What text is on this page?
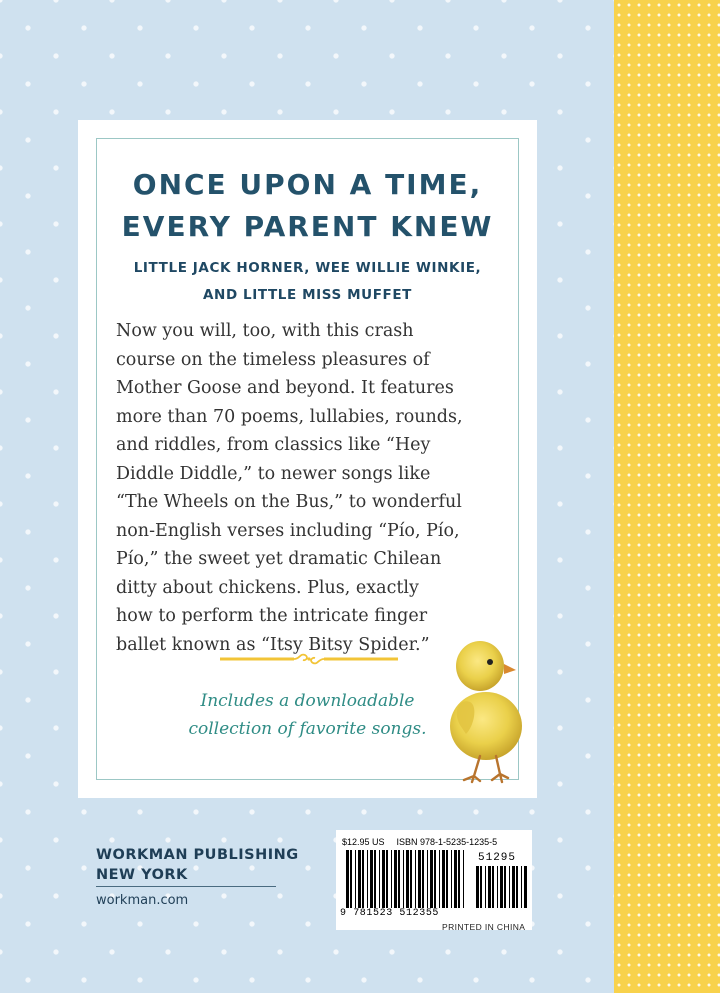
ONCE UPON A TIME,
EVERY PARENT KNEW
LITTLE JACK HORNER, WEE WILLIE WINKIE,
AND LITTLE MISS MUFFET
Now you will, too, with this crash
course on the timeless pleasures of
Mother Goose and beyond. It features
more than 70 poems, lullabies, rounds,
and riddles, from classics like “Hey
Diddle Diddle,” to newer songs like
“The Wheels on the Bus,” to wonderful
non-English verses including “Pío, Pío,
Pío,” the sweet yet dramatic Chilean
ditty about chickens. Plus, exactly
how to perform the intricate finger
ballet known as “Itsy Bitsy Spider.”
Includes a downloadable
collection of favorite songs.
WORKMAN PUBLISHING
NEW YORK
workman.com
$12.95 US ISBN 978-1-5235-1235-5
51295
9 781523 512355
PRINTED IN CHINA
